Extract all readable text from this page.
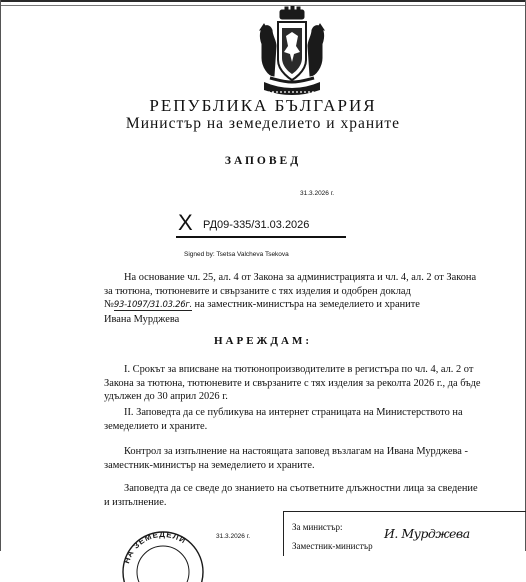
РЕПУБЛИКА БЪЛГАРИЯ
Министър на земеделието и храните
ЗАПОВЕД
31.3.2026 г.
X РД09-335/31.03.2026
Signed by: Tsetsa Valcheva Tsekova
На основание чл. 25, ал. 4 от Закона за администрацията и чл. 4, ал. 2 от Закона
за тютюна, тютюневите и свързаните с тях изделия и одобрен доклад
№93-1097/31.03.26г. на заместник-министъра на земеделието и храните
Ивана Мурджева
НАРЕЖДАМ:
I. Срокът за вписване на тютюнопроизводителите в регистъра по чл. 4, ал. 2 от
Закона за тютюна, тютюневите и свързаните с тях изделия за реколта 2026 г., да бъде
удължен до 30 април 2026 г.
II. Заповедта да се публикува на интернет страницата на Министерството на
земеделието и храните.
Контрол за изпълнение на настоящата заповед възлагам на Ивана Мурджева -
заместник-министър на земеделието и храните.
Заповедта да се сведе до знанието на съответните длъжностни лица за сведение
и изпълнение.
НА ЗЕМЕДЕЛИ	31.3.2026 г.
За министър:
Заместник-министър
И. Мурджева
